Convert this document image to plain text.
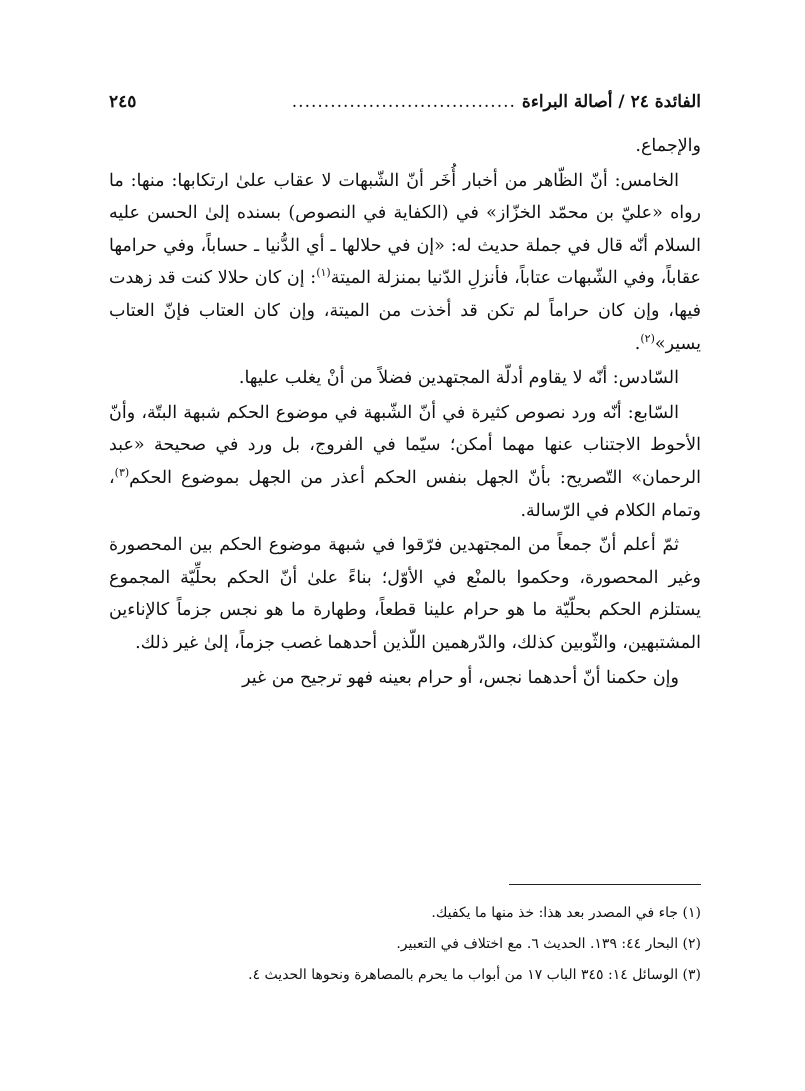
الفائدة ٢٤ / أصالة البراءة
...................................
٢٤٥

والإجماع.

الخامس: أنّ الظّاهر من أخبار أُخَر أنّ الشّبهات لا عقاب علىٰ ارتكابها: منها: ما رواه «عليّ بن محمّد الخزّاز» في (الكفاية في النصوص) بسنده إلىٰ الحسن عليه السلام أنّه قال في جملة حديث له: «إن في حلالها ـ أي الدُّنيا ـ حساباً، وفي حرامها عقاباً، وفي الشّبهات عتاباً، فأنزلِ الدّنيا بمنزلة الميتة$^{(١)}$: إن كان حلالا كنت قد زهدت فيها، وإن كان حراماً لم تكن قد أخذت من الميتة، وإن كان العتاب فإنّ العتاب يسير»$^{(٢)}$.

السّادس: أنّه لا يقاوم أدلّة المجتهدين فضلاً من أنْ يغلب عليها.

السّابع: أنّه ورد نصوص كثيرة في أنّ الشّبهة في موضوع الحكم شبهة البتّة، وأنّ الأحوط الاجتناب عنها مهما أمكن؛ سيّما في الفروج، بل ورد في صحيحة «عبد الرحمان» التّصريح: بأنّ الجهل بنفس الحكم أعذر من الجهل بموضوع الحكم$^{(٣)}$، وتمام الكلام في الرّسالة.

ثمّ أعلم أنّ جمعاً من المجتهدين فرّقوا في شبهة موضوع الحكم بين المحصورة وغير المحصورة، وحكموا بالمنْع في الأوّل؛ بناءً علىٰ أنّ الحكم بحلِّيّة المجموع يستلزم الحكم بحلّيّة ما هو حرام علينا قطعاً، وطهارة ما هو نجس جزماً كالإناءين المشتبهين، والثّوبين كذلك، والدّرهمين اللّذين أحدهما غصب جزماً، إلىٰ غير ذلك.

وإن حكمنا أنّ أحدهما نجس، أو حرام بعينه فهو ترجيح من غير

(١) جاء في المصدر بعد هذا: خذ منها ما يكفيك.
(٢) البحار ٤٤: ١٣٩. الحديث ٦. مع اختلاف في التعبير.
(٣) الوسائل ١٤: ٣٤٥ الباب ١٧ من أبواب ما يحرم بالمصاهرة ونحوها الحديث ٤.
